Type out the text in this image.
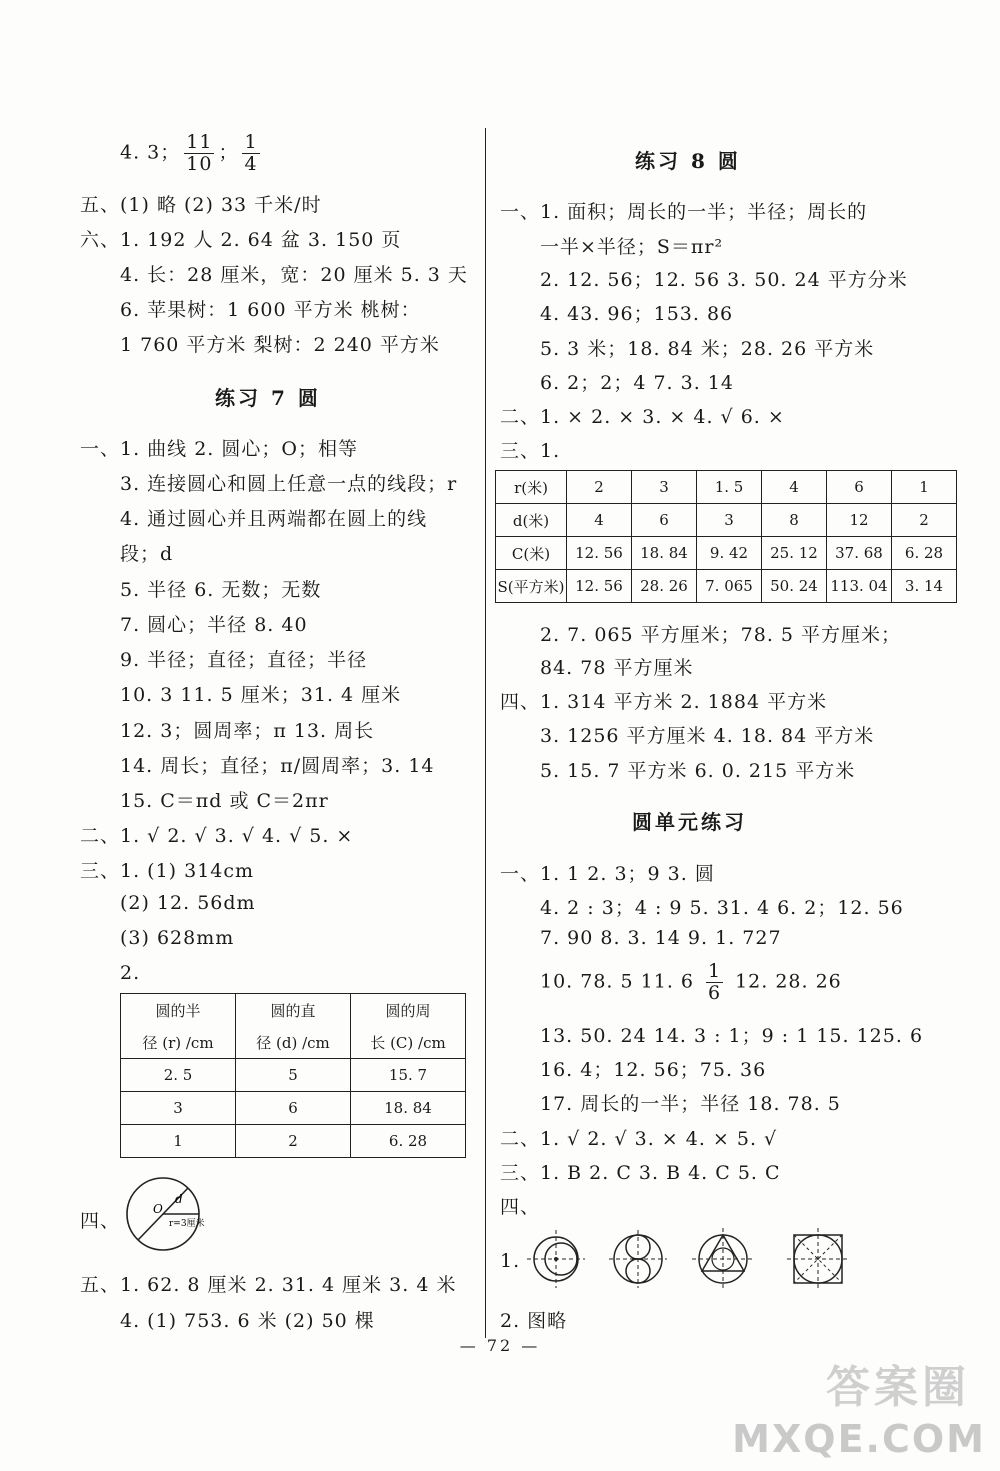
4. 3； $\frac{11}{10}$ ； $\frac{1}{4}$
五、(1) 略 (2) 33 千米/时
六、1. 192 人 2. 64 盆 3. 150 页
4. 长：28 厘米，宽：20 厘米 5. 3 天
6. 苹果树：1 600 平方米 桃树：
1 760 平方米 梨树：2 240 平方米
练习 7 圆
一、1. 曲线 2. 圆心；O；相等
3. 连接圆心和圆上任意一点的线段；r
4. 通过圆心并且两端都在圆上的线
段；d
5. 半径 6. 无数；无数
7. 圆心；半径 8. 40
9. 半径；直径；直径；半径
10. 3 11. 5 厘米；31. 4 厘米
12. 3；圆周率；π 13. 周长
14. 周长；直径；π/圆周率；3. 14
15. C＝πd 或 C＝2πr
二、1. √ 2. √ 3. √ 4. √ 5. ×
三、1. (1) 314cm
(2) 12. 56dm
(3) 628mm
2.
圆的半	圆的直	圆的周
径 (r) /cm	径 (d) /cm	长 (C) /cm
2. 5	5	15. 7
3	6	18. 84
1	2	6. 28
四、
d
O
r=3厘米
五、1. 62. 8 厘米 2. 31. 4 厘米 3. 4 米
4. (1) 753. 6 米 (2) 50 棵
练习 8 圆
一、1. 面积；周长的一半；半径；周长的
一半×半径；S＝πr²
2. 12. 56；12. 56 3. 50. 24 平方分米
4. 43. 96；153. 86
5. 3 米；18. 84 米；28. 26 平方米
6. 2；2；4 7. 3. 14
二、1. × 2. × 3. × 4. √ 6. ×
三、1.
r(米)	2	3	1. 5	4	6	1
d(米)	4	6	3	8	12	2
C(米)	12. 56	18. 84	9. 42	25. 12	37. 68	6. 28
S(平方米)	12. 56	28. 26	7. 065	50. 24	113. 04	3. 14
2. 7. 065 平方厘米；78. 5 平方厘米；
84. 78 平方厘米
四、1. 314 平方米 2. 1884 平方米
3. 1256 平方厘米 4. 18. 84 平方米
5. 15. 7 平方米 6. 0. 215 平方米
圆单元练习
一、1. 1 2. 3；9 3. 圆
4. 2 : 3；4 : 9 5. 31. 4 6. 2；12. 56
7. 90 8. 3. 14 9. 1. 727
10. 78. 5 11. $6 \frac{1}{6} 12$. 28. 26
13. 50. 24 14. 3 : 1；9 : 1 15. 125. 6
16. 4；12. 56；75. 36
17. 周长的一半；半径 18. 78. 5
二、1. √ 2. √ 3. × 4. × 5. √
三、1. B 2. C 3. B 4. C 5. C
四、
1.
2. 图略
— 72 —
答案圈
MXQE.COM
